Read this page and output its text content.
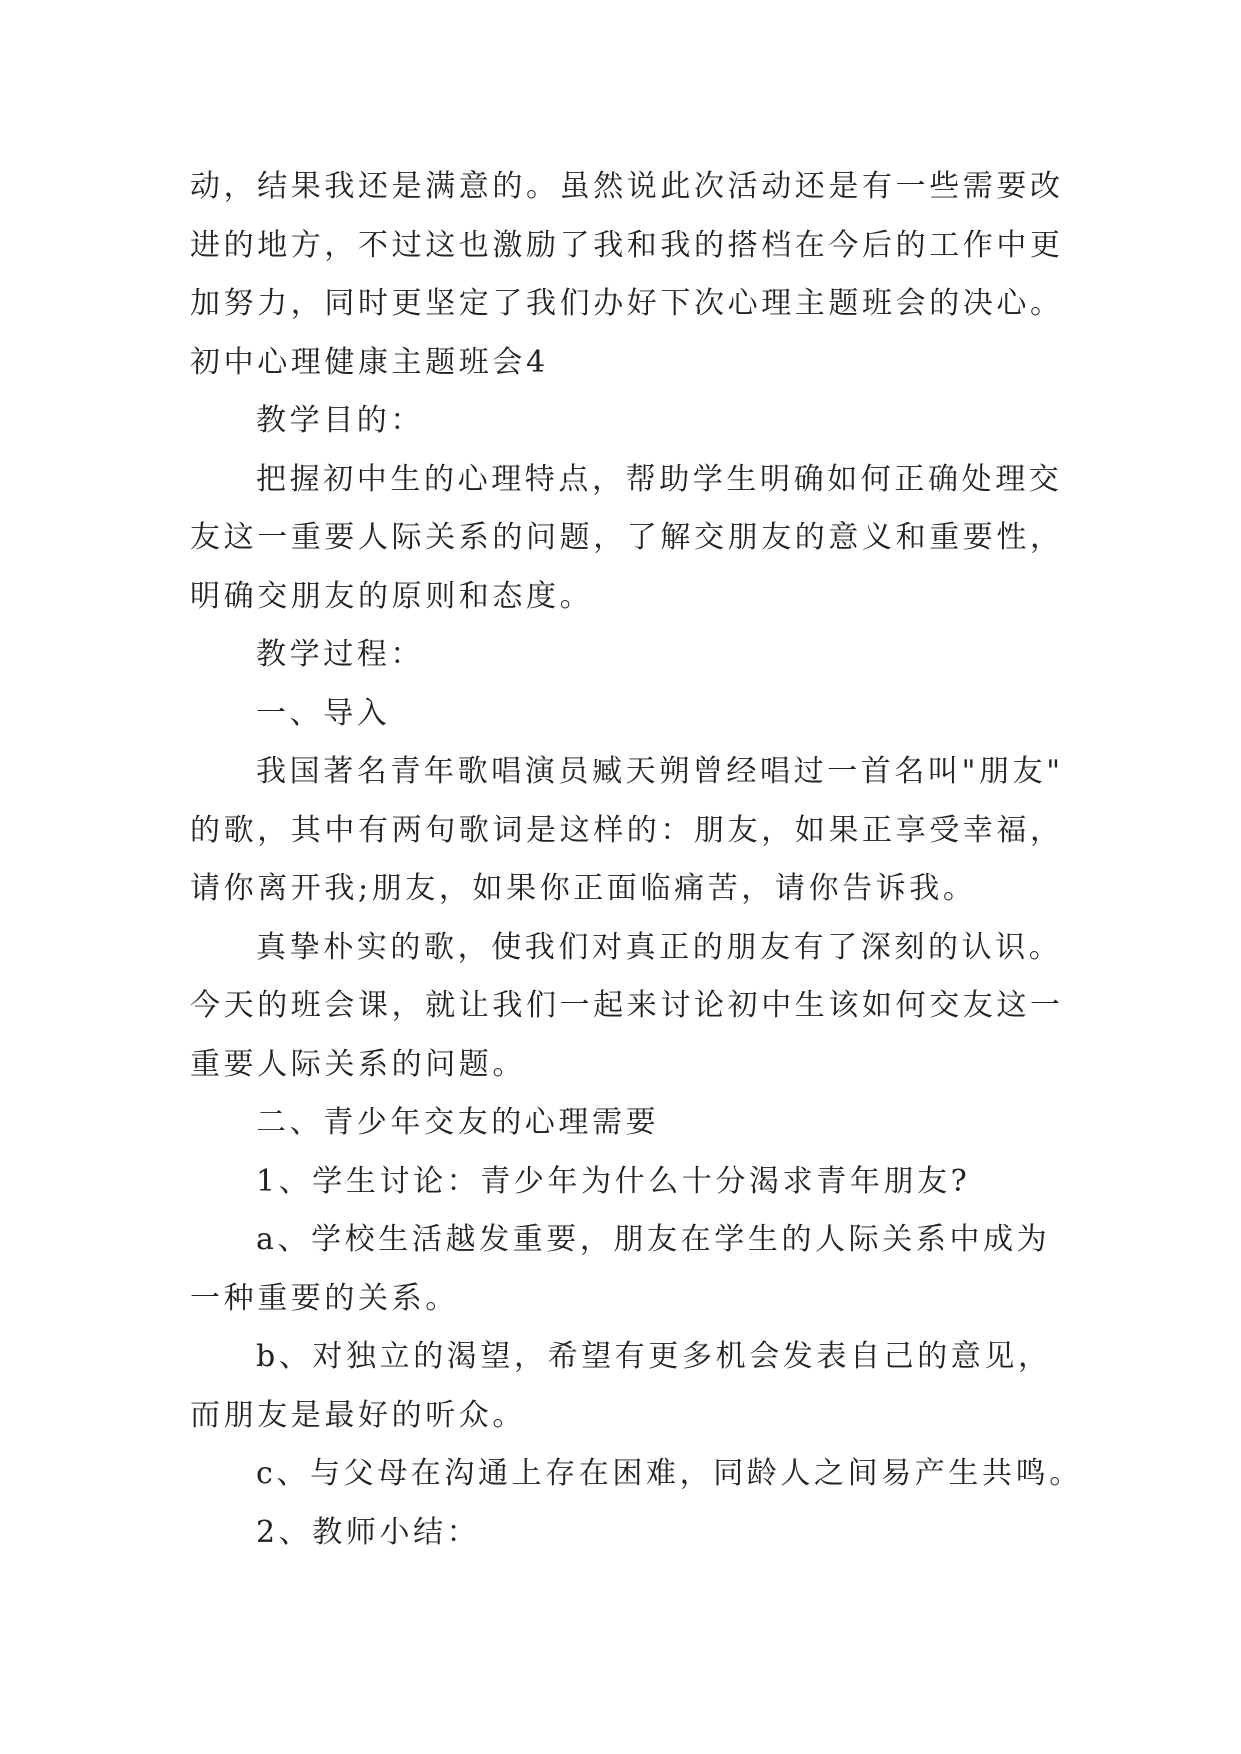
动，结果我还是满意的。虽然说此次活动还是有一些需要改

进的地方，不过这也激励了我和我的搭档在今后的工作中更

加努力，同时更坚定了我们办好下次心理主题班会的决心。

初中心理健康主题班会4

教学目的：

把握初中生的心理特点，帮助学生明确如何正确处理交

友这一重要人际关系的问题，了解交朋友的意义和重要性，

明确交朋友的原则和态度。

教学过程：

一、导入

我国著名青年歌唱演员臧天朔曾经唱过一首名叫"朋友"

的歌，其中有两句歌词是这样的：朋友，如果正享受幸福，

请你离开我;朋友，如果你正面临痛苦，请你告诉我。

真挚朴实的歌，使我们对真正的朋友有了深刻的认识。

今天的班会课，就让我们一起来讨论初中生该如何交友这一

重要人际关系的问题。

二、青少年交友的心理需要

1、学生讨论：青少年为什么十分渴求青年朋友?

a、学校生活越发重要，朋友在学生的人际关系中成为

一种重要的关系。

b、对独立的渴望，希望有更多机会发表自己的意见，

而朋友是最好的听众。

c、与父母在沟通上存在困难，同龄人之间易产生共鸣。

2、教师小结：
